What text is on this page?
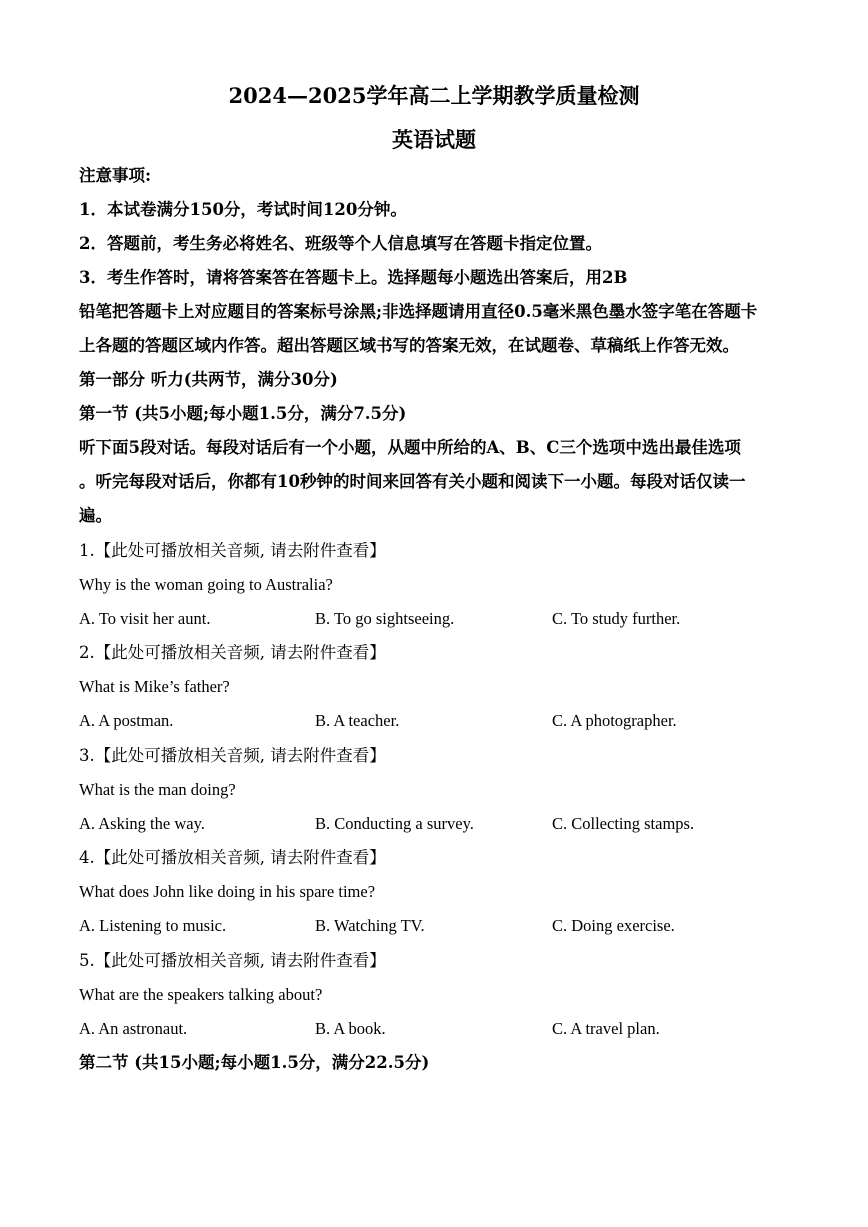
2024—2025学年高二上学期教学质量检测
英语试题
注意事项:
1．本试卷满分150分，考试时间120分钟。
2．答题前，考生务必将姓名、班级等个人信息填写在答题卡指定位置。
3．考生作答时，请将答案答在答题卡上。选择题每小题选出答案后，用2B
铅笔把答题卡上对应题目的答案标号涂黑;非选择题请用直径0.5毫米黑色墨水签字笔在答题卡
上各题的答题区域内作答。超出答题区域书写的答案无效，在试题卷、草稿纸上作答无效。
第一部分 听力(共两节，满分30分)
第一节 (共5小题;每小题1.5分，满分7.5分)
听下面5段对话。每段对话后有一个小题，从题中所给的A、B、C三个选项中选出最佳选项
。听完每段对话后，你都有10秒钟的时间来回答有关小题和阅读下一小题。每段对话仅读一
遍。
1.【此处可播放相关音频, 请去附件查看】
Why is the woman going to Australia?
A. To visit her aunt.	B. To go sightseeing.	C. To study further.
2.【此处可播放相关音频, 请去附件查看】
What is Mike’s father?
A. A postman.	B. A teacher.	C. A photographer.
3.【此处可播放相关音频, 请去附件查看】
What is the man doing?
A. Asking the way.	B. Conducting a survey.	C. Collecting stamps.
4.【此处可播放相关音频, 请去附件查看】
What does John like doing in his spare time?
A. Listening to music.	B. Watching TV.	C. Doing exercise.
5.【此处可播放相关音频, 请去附件查看】
What are the speakers talking about?
A. An astronaut.	B. A book.	C. A travel plan.
第二节 (共15小题;每小题1.5分，满分22.5分)
